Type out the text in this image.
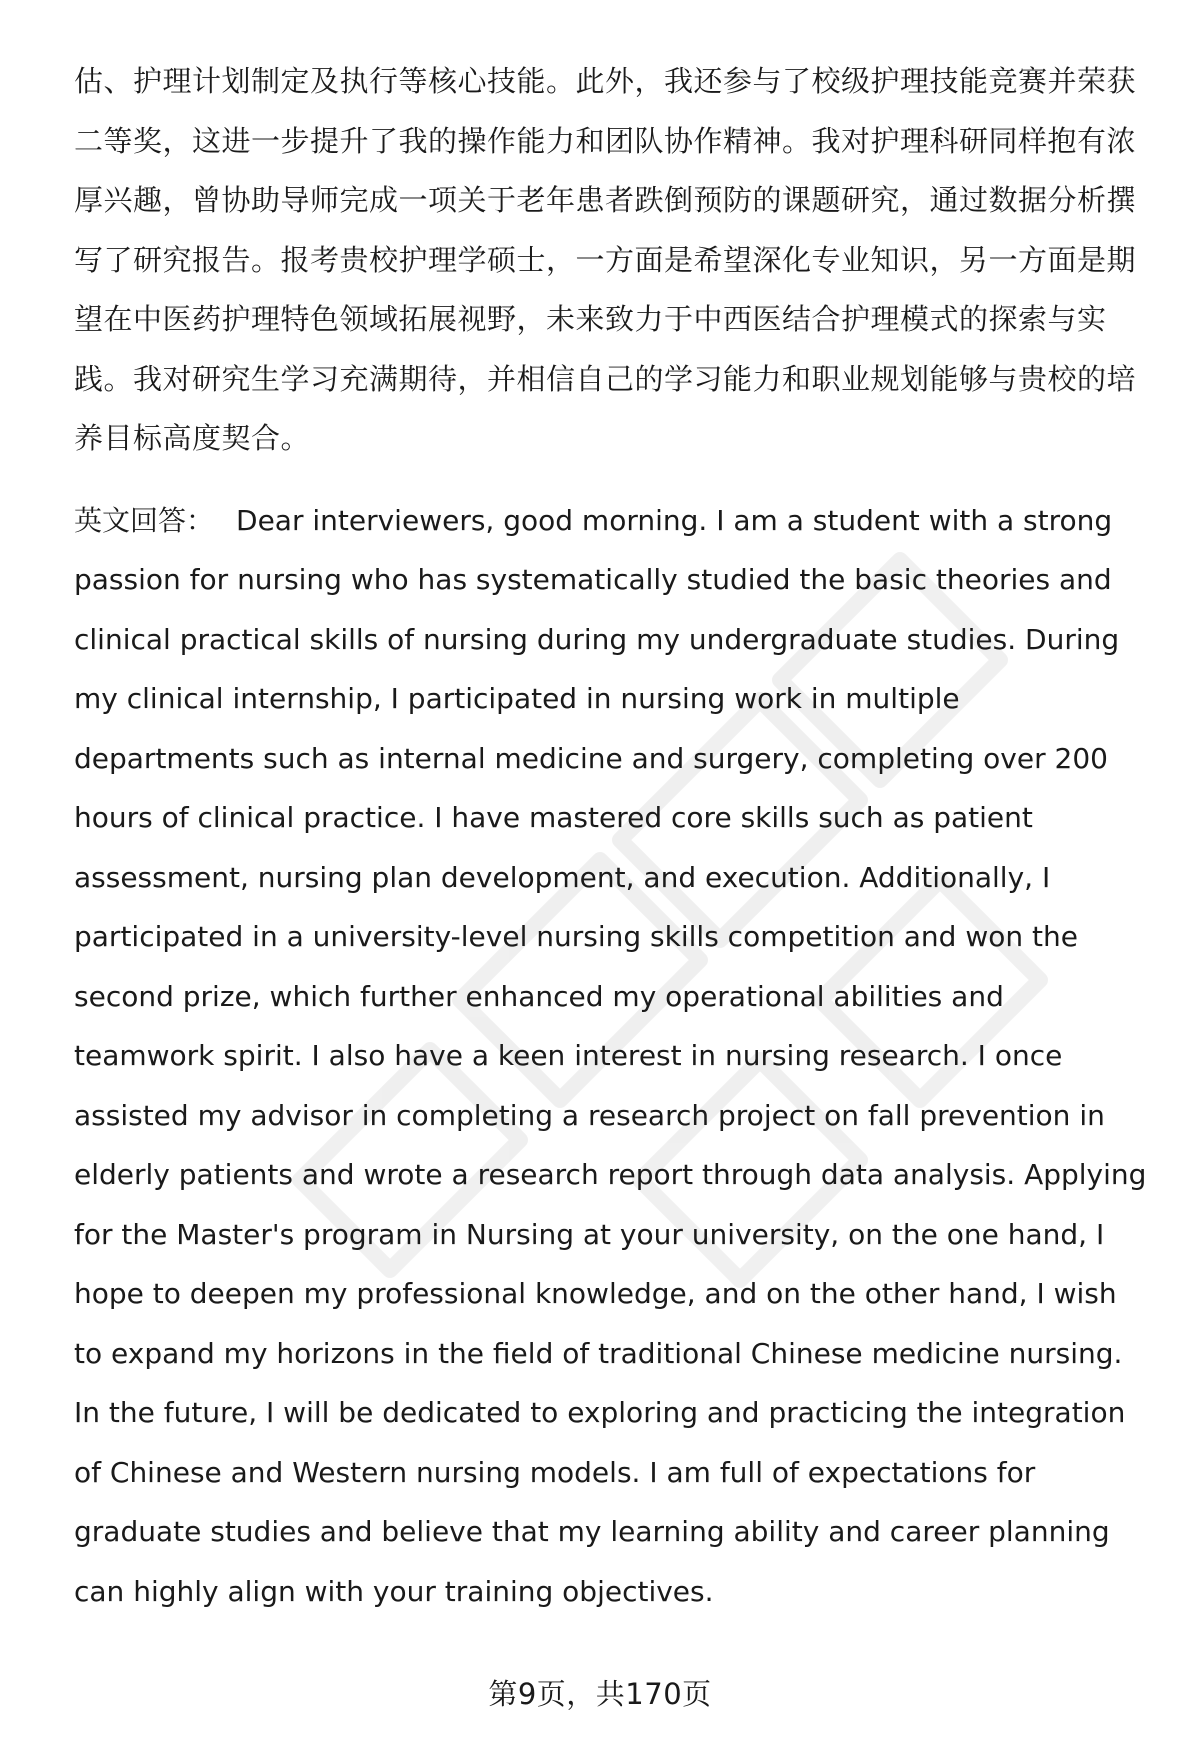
估、护理计划制定及执行等核心技能。此外，我还参与了校级护理技能竞赛并荣获
二等奖，这进一步提升了我的操作能力和团队协作精神。我对护理科研同样抱有浓
厚兴趣，曾协助导师完成一项关于老年患者跌倒预防的课题研究，通过数据分析撰
写了研究报告。报考贵校护理学硕士，一方面是希望深化专业知识，另一方面是期
望在中医药护理特色领域拓展视野，未来致力于中西医结合护理模式的探索与实
践。我对研究生学习充满期待，并相信自己的学习能力和职业规划能够与贵校的培
养目标高度契合。

英文回答： Dear interviewers, good morning. I am a student with a strong
passion for nursing who has systematically studied the basic theories and
clinical practical skills of nursing during my undergraduate studies. During
my clinical internship, I participated in nursing work in multiple
departments such as internal medicine and surgery, completing over 200
hours of clinical practice. I have mastered core skills such as patient
assessment, nursing plan development, and execution. Additionally, I
participated in a university-level nursing skills competition and won the
second prize, which further enhanced my operational abilities and
teamwork spirit. I also have a keen interest in nursing research. I once
assisted my advisor in completing a research project on fall prevention in
elderly patients and wrote a research report through data analysis. Applying
for the Master's program in Nursing at your university, on the one hand, I
hope to deepen my professional knowledge, and on the other hand, I wish
to expand my horizons in the field of traditional Chinese medicine nursing.
In the future, I will be dedicated to exploring and practicing the integration
of Chinese and Western nursing models. I am full of expectations for
graduate studies and believe that my learning ability and career planning
can highly align with your training objectives.

第9页，共170页
